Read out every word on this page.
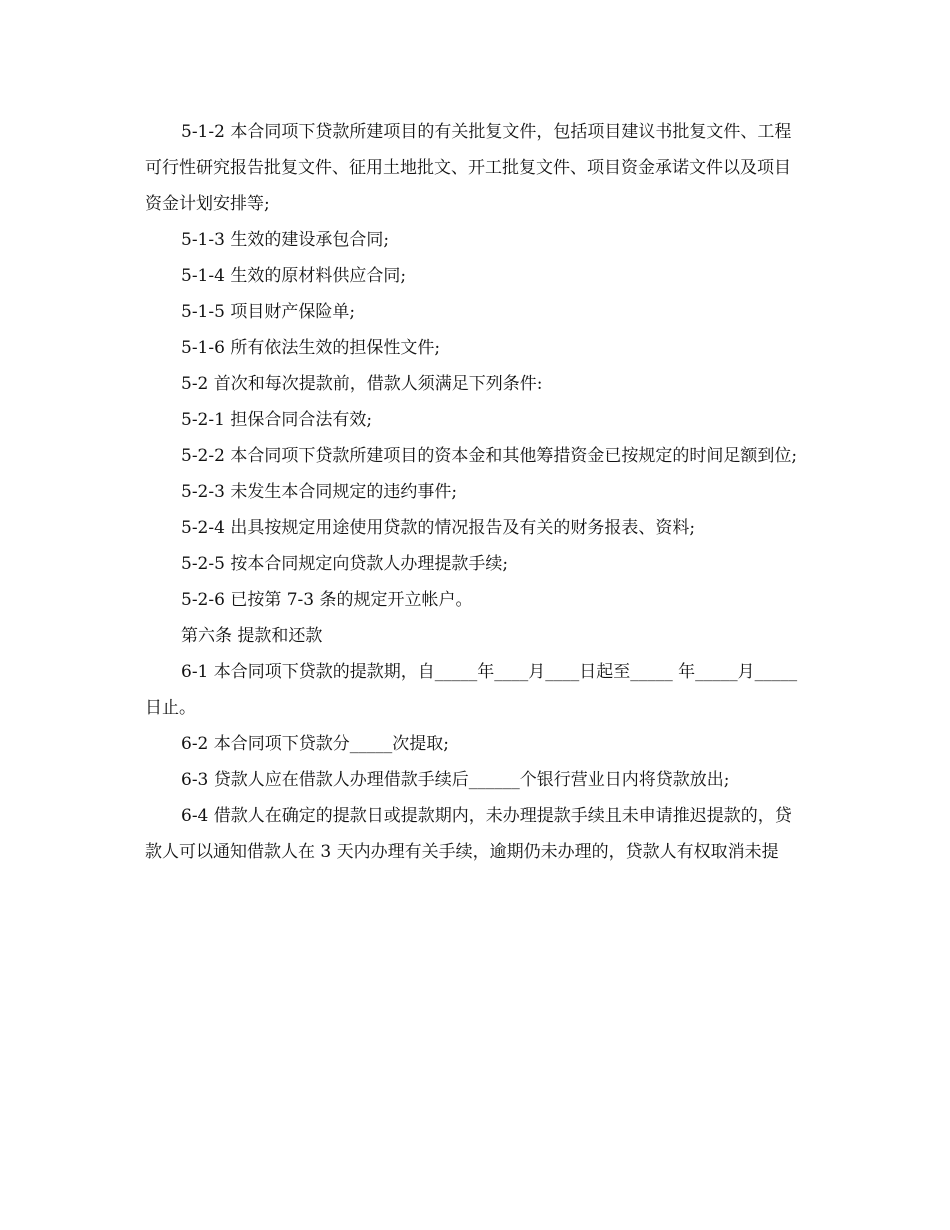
5-1-2 本合同项下贷款所建项目的有关批复文件，包括项目建议书批复文件、工程可行性研究报告批复文件、征用土地批文、开工批复文件、项目资金承诺文件以及项目资金计划安排等;

5-1-3 生效的建设承包合同;

5-1-4 生效的原材料供应合同;

5-1-5 项目财产保险单;

5-1-6 所有依法生效的担保性文件;

5-2 首次和每次提款前，借款人须满足下列条件:

5-2-1 担保合同合法有效;

5-2-2 本合同项下贷款所建项目的资本金和其他筹措资金已按规定的时间足额到位;

5-2-3 未发生本合同规定的违约事件;

5-2-4 出具按规定用途使用贷款的情况报告及有关的财务报表、资料;

5-2-5 按本合同规定向贷款人办理提款手续;

5-2-6 已按第 7-3 条的规定开立帐户。

第六条 提款和还款

6-1 本合同项下贷款的提款期，自_____年____月____日起至_____ 年_____月_____日止。

6-2 本合同项下贷款分_____次提取;

6-3 贷款人应在借款人办理借款手续后______个银行营业日内将贷款放出;

6-4 借款人在确定的提款日或提款期内，未办理提款手续且未申请推迟提款的，贷款人可以通知借款人在 3 天内办理有关手续，逾期仍未办理的，贷款人有权取消未提
